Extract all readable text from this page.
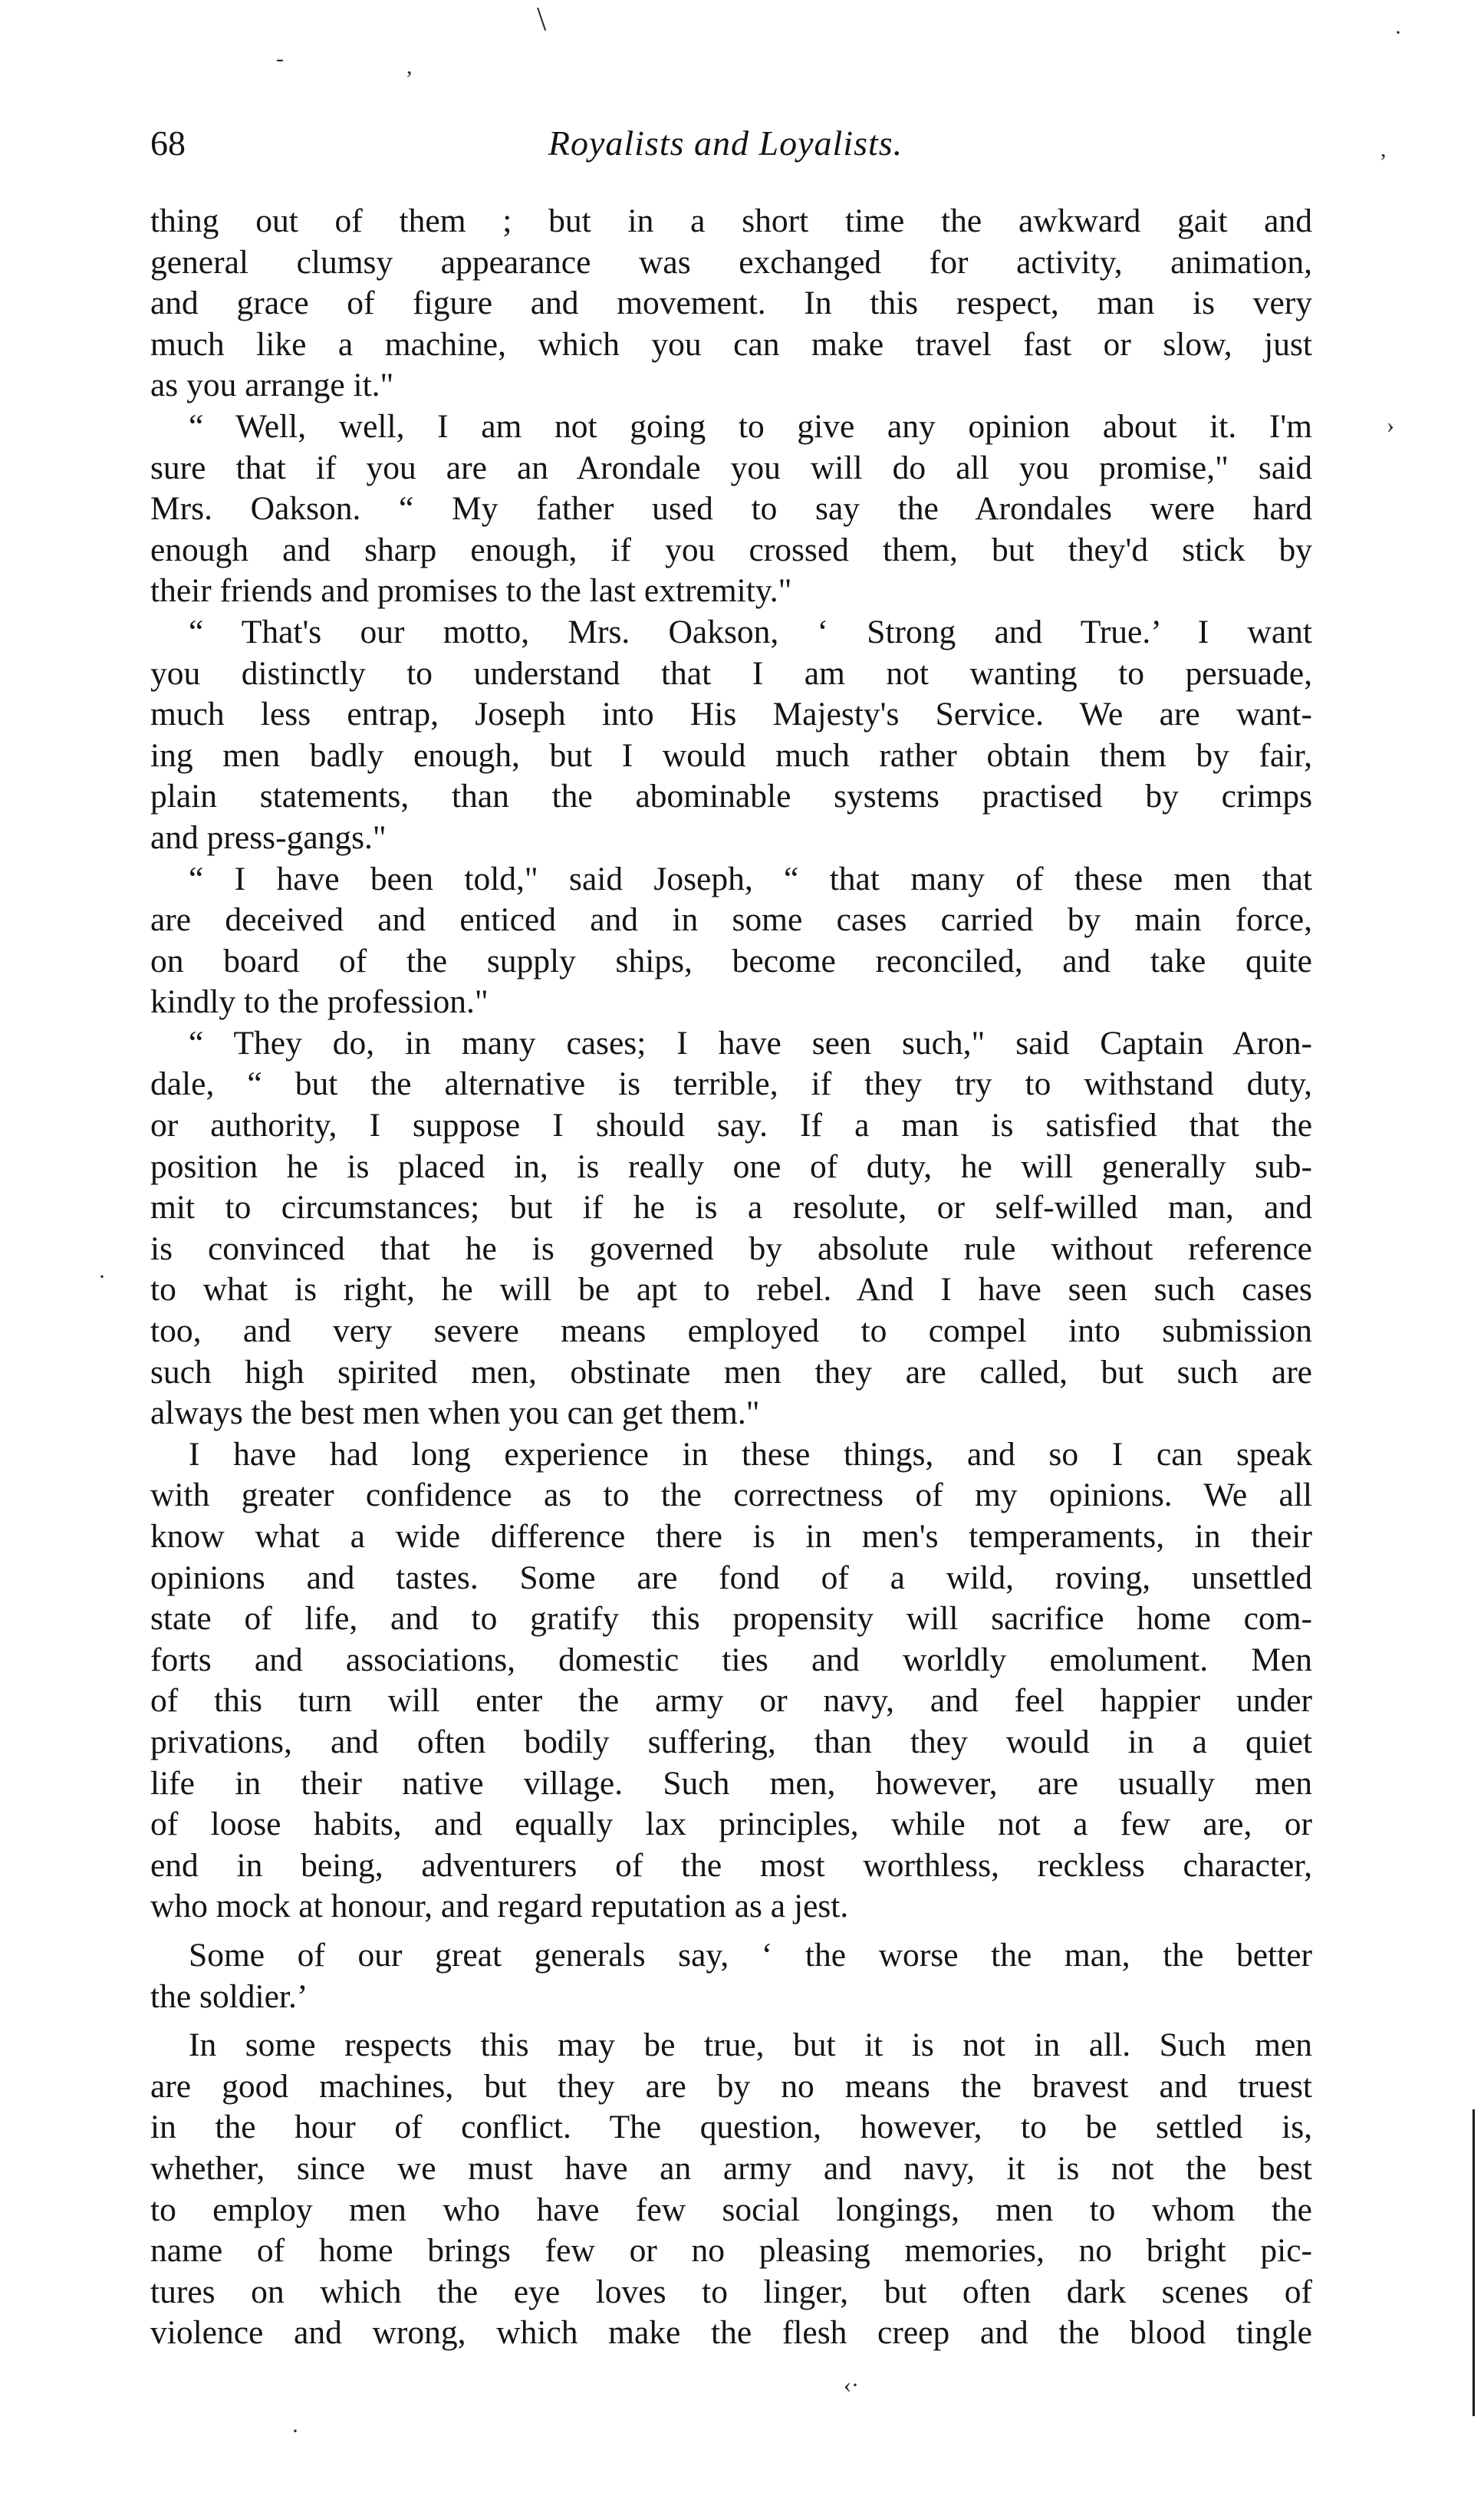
-
\
,
·
,
›
·
‹·
·
68	Royalists and Loyalists.
thing out of them ; but in a short time the awkward gait and
general clumsy appearance was exchanged for activity, animation,
and grace of figure and movement. In this respect, man is very
much like a machine, which you can make travel fast or slow, just
as you arrange it."
“ Well, well, I am not going to give any opinion about it. I'm
sure that if you are an Arondale you will do all you promise," said
Mrs. Oakson. “ My father used to say the Arondales were hard
enough and sharp enough, if you crossed them, but they'd stick by
their friends and promises to the last extremity."
“ That's our motto, Mrs. Oakson, ‘ Strong and True.’ I want
you distinctly to understand that I am not wanting to persuade,
much less entrap, Joseph into His Majesty's Service. We are want-
ing men badly enough, but I would much rather obtain them by fair,
plain statements, than the abominable systems practised by crimps
and press-gangs."
“ I have been told," said Joseph, “ that many of these men that
are deceived and enticed and in some cases carried by main force,
on board of the supply ships, become reconciled, and take quite
kindly to the profession."
“ They do, in many cases; I have seen such," said Captain Aron-
dale, “ but the alternative is terrible, if they try to withstand duty,
or authority, I suppose I should say. If a man is satisfied that the
position he is placed in, is really one of duty, he will generally sub-
mit to circumstances; but if he is a resolute, or self-willed man, and
is convinced that he is governed by absolute rule without reference
to what is right, he will be apt to rebel. And I have seen such cases
too, and very severe means employed to compel into submission
such high spirited men, obstinate men they are called, but such are
always the best men when you can get them."
I have had long experience in these things, and so I can speak
with greater confidence as to the correctness of my opinions. We all
know what a wide difference there is in men's temperaments, in their
opinions and tastes. Some are fond of a wild, roving, unsettled
state of life, and to gratify this propensity will sacrifice home com-
forts and associations, domestic ties and worldly emolument. Men
of this turn will enter the army or navy, and feel happier under
privations, and often bodily suffering, than they would in a quiet
life in their native village. Such men, however, are usually men
of loose habits, and equally lax principles, while not a few are, or
end in being, adventurers of the most worthless, reckless character,
who mock at honour, and regard reputation as a jest.
Some of our great generals say, ‘ the worse the man, the better
the soldier.’
In some respects this may be true, but it is not in all. Such men
are good machines, but they are by no means the bravest and truest
in the hour of conflict. The question, however, to be settled is,
whether, since we must have an army and navy, it is not the best
to employ men who have few social longings, men to whom the
name of home brings few or no pleasing memories, no bright pic-
tures on which the eye loves to linger, but often dark scenes of
violence and wrong, which make the flesh creep and the blood tingle
